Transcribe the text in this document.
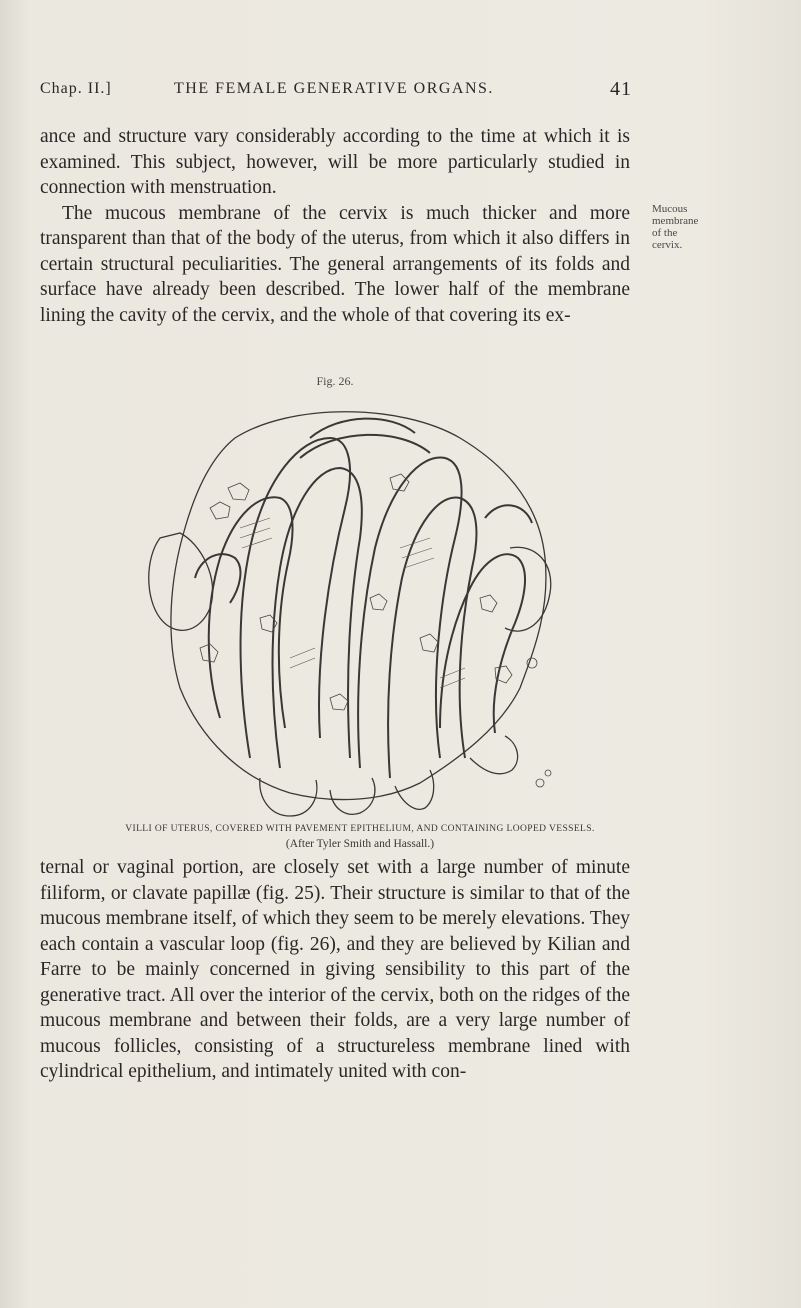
Chap. II.]	THE FEMALE GENERATIVE ORGANS.	41

ance and structure vary considerably according to the time at which it is examined. This subject, however, will be more particularly studied in connection with menstruation.

The mucous membrane of the cervix is much thicker and more transparent than that of the body of the uterus, from which it also differs in certain structural peculiarities. The general arrangements of its folds and surface have already been described. The lower half of the membrane lining the cavity of the cervix, and the whole of that covering its ex-

Mucous
membrane
of the
cervix.
Fig. 26.
VILLI OF UTERUS, COVERED WITH PAVEMENT EPITHELIUM, AND CONTAINING LOOPED VESSELS.
(After Tyler Smith and Hassall.)

ternal or vaginal portion, are closely set with a large number of minute filiform, or clavate papillæ (fig. 25). Their structure is similar to that of the mucous membrane itself, of which they seem to be merely elevations. They each contain a vascular loop (fig. 26), and they are believed by Kilian and Farre to be mainly concerned in giving sensibility to this part of the generative tract. All over the interior of the cervix, both on the ridges of the mucous membrane and between their folds, are a very large number of mucous follicles, consisting of a structureless membrane lined with cylindrical epithelium, and intimately united with con-
